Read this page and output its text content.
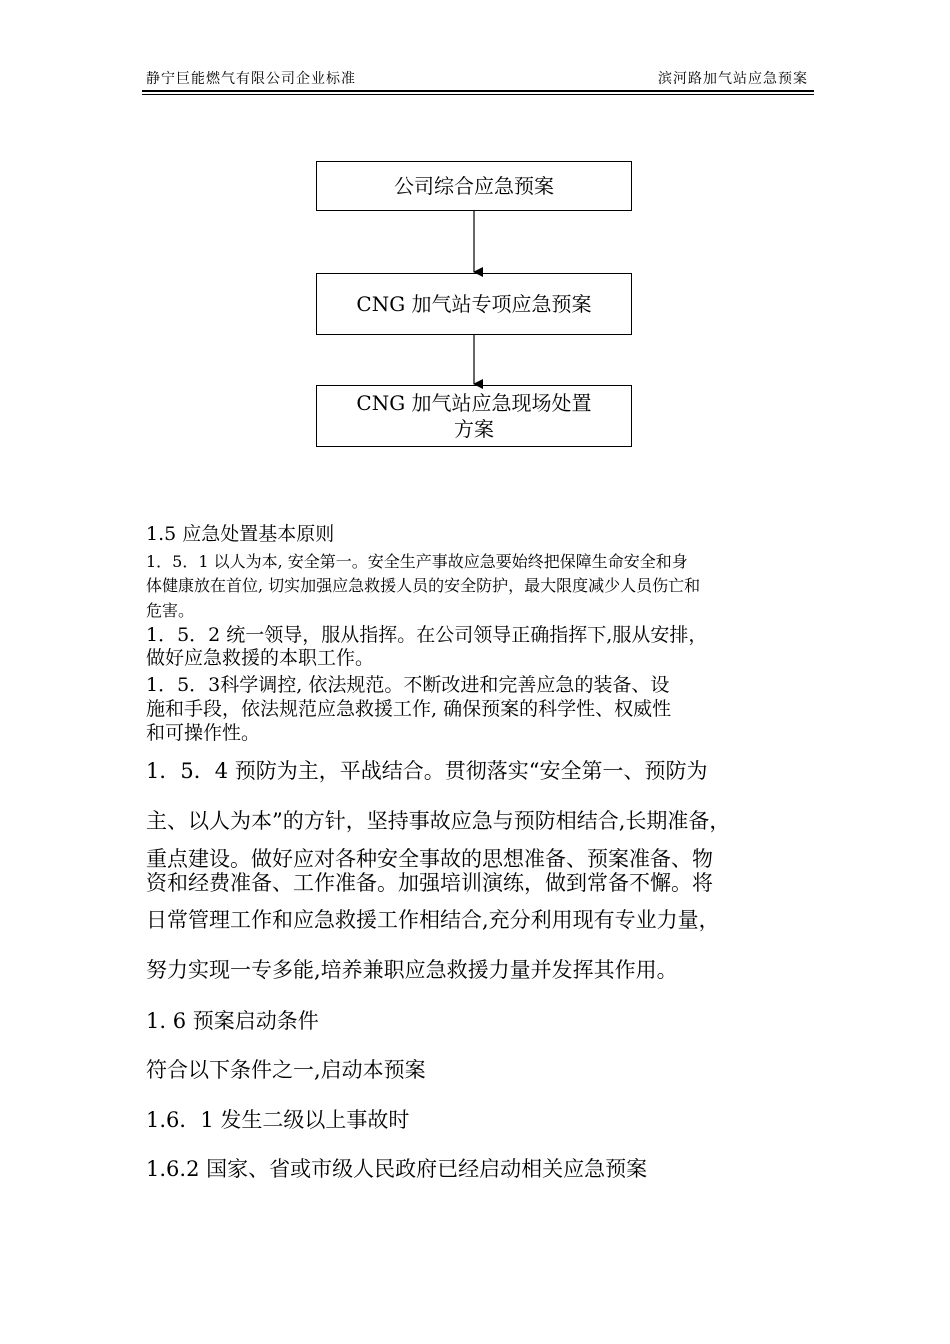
静宁巨能燃气有限公司企业标准	滨河路加气站应急预案
公司综合应急预案
CNG 加气站专项应急预案
CNG 加气站应急现场处置
方案
1.5 应急处置基本原则
1．5．1 以人为本, 安全第一。安全生产事故应急要始终把保障生命安全和身
体健康放在首位, 切实加强应急救援人员的安全防护，最大限度减少人员伤亡和
危害。
1．5．2 统一领导，服从指挥。在公司领导正确指挥下,服从安排，
做好应急救援的本职工作。
1．5．3科学调控, 依法规范。不断改进和完善应急的装备、设
施和手段，依法规范应急救援工作, 确保预案的科学性、权威性
和可操作性。
1．5．4 预防为主，平战结合。贯彻落实“安全第一、预防为
主、以人为本”的方针，坚持事故应急与预防相结合,长期准备，
重点建设。做好应对各种安全事故的思想准备、预案准备、物
资和经费准备、工作准备。加强培训演练，做到常备不懈。将
日常管理工作和应急救援工作相结合,充分利用现有专业力量，
努力实现一专多能,培养兼职应急救援力量并发挥其作用。
1. 6 预案启动条件
符合以下条件之一,启动本预案
1.6．1 发生二级以上事故时
1.6.2 国家、省或市级人民政府已经启动相关应急预案
